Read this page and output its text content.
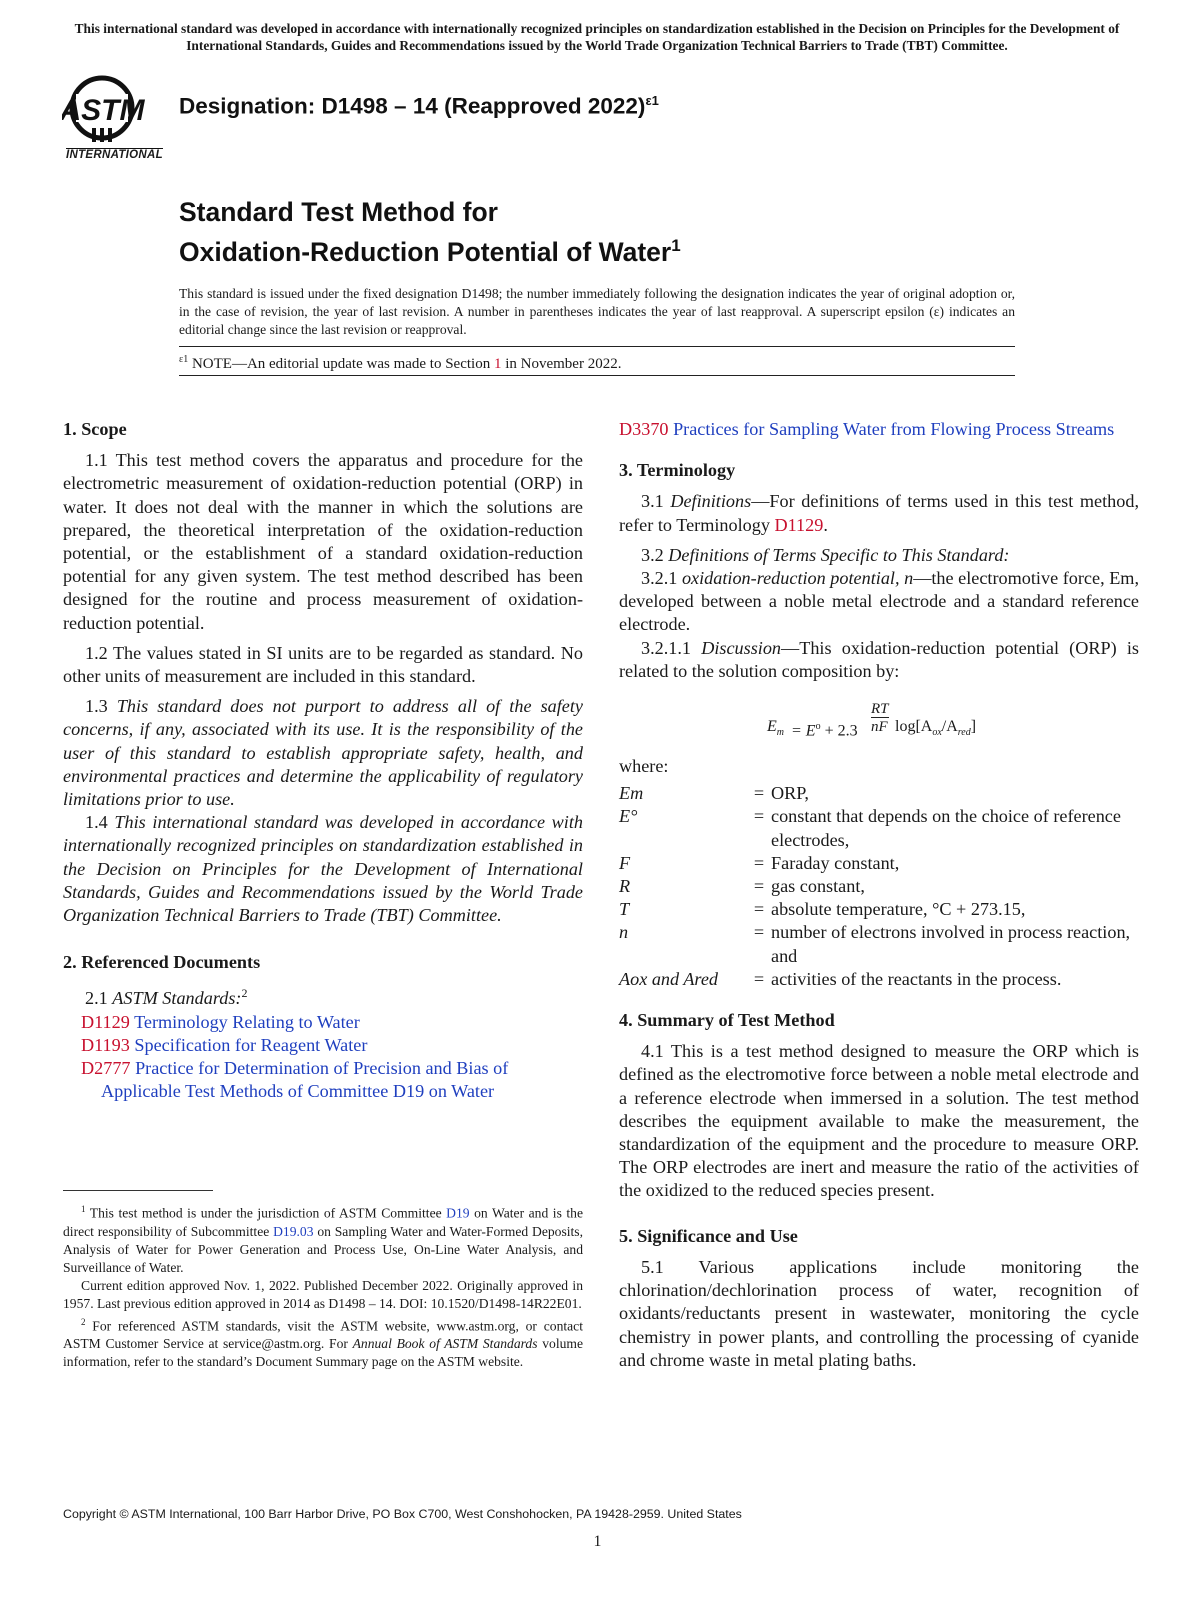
This international standard was developed in accordance with internationally recognized principles on standardization established in the Decision on Principles for the Development of International Standards, Guides and Recommendations issued by the World Trade Organization Technical Barriers to Trade (TBT) Committee.
ASTM
INTERNATIONAL
Designation: D1498 – 14 (Reapproved 2022)$^{\varepsilon 1}$
Standard Test Method for
Oxidation-Reduction Potential of Water$^1$
This standard is issued under the fixed designation D1498; the number immediately following the designation indicates the year of original adoption or, in the case of revision, the year of last revision. A number in parentheses indicates the year of last reapproval. A superscript epsilon (ε) indicates an editorial change since the last revision or reapproval.
$^{\varepsilon 1}$ NOTE—An editorial update was made to Section 1 in November 2022.

1. Scope

1.1 This test method covers the apparatus and procedure for the electrometric measurement of oxidation-reduction potential (ORP) in water. It does not deal with the manner in which the solutions are prepared, the theoretical interpretation of the oxidation-reduction potential, or the establishment of a standard oxidation-reduction potential for any given system. The test method described has been designed for the routine and process measurement of oxidation-reduction potential.

1.2 The values stated in SI units are to be regarded as standard. No other units of measurement are included in this standard.

1.3 This standard does not purport to address all of the safety concerns, if any, associated with its use. It is the responsibility of the user of this standard to establish appropriate safety, health, and environmental practices and determine the applicability of regulatory limitations prior to use.

1.4 This international standard was developed in accordance with internationally recognized principles on standardization established in the Decision on Principles for the Development of International Standards, Guides and Recommendations issued by the World Trade Organization Technical Barriers to Trade (TBT) Committee.

2. Referenced Documents

2.1 ASTM Standards:$^2$

D1129 Terminology Relating to Water

D1193 Specification for Reagent Water

D2777 Practice for Determination of Precision and Bias of Applicable Test Methods of Committee D19 on Water

$^1$ This test method is under the jurisdiction of ASTM Committee D19 on Water and is the direct responsibility of Subcommittee D19.03 on Sampling Water and Water-Formed Deposits, Analysis of Water for Power Generation and Process Use, On-Line Water Analysis, and Surveillance of Water.

Current edition approved Nov. 1, 2022. Published December 2022. Originally approved in 1957. Last previous edition approved in 2014 as D1498 – 14. DOI: 10.1520/D1498-14R22E01.

$^2$ For referenced ASTM standards, visit the ASTM website, www.astm.org, or contact ASTM Customer Service at service@astm.org. For Annual Book of ASTM Standards volume information, refer to the standard’s Document Summary page on the ASTM website.

D3370 Practices for Sampling Water from Flowing Process Streams

3. Terminology

3.1 Definitions—For definitions of terms used in this test method, refer to Terminology D1129.

3.2 Definitions of Terms Specific to This Standard:

3.2.1 oxidation-reduction potential, n—the electromotive force, Em, developed between a noble metal electrode and a standard reference electrode.

3.2.1.1 Discussion—This oxidation-reduction potential (ORP) is related to the solution composition by:

$E_m = E^o + 2.3$
RT
nF $\log[A_{ox}/A_{red}]$

where:

Em	= ORP,
E°	= constant that depends on the choice of reference electrodes,
F	= Faraday constant,
R	= gas constant,
T	= absolute temperature, °C + 273.15,
n	= number of electrons involved in process reaction, and
Aox and Ared	= activities of the reactants in the process.

4. Summary of Test Method

4.1 This is a test method designed to measure the ORP which is defined as the electromotive force between a noble metal electrode and a reference electrode when immersed in a solution. The test method describes the equipment available to make the measurement, the standardization of the equipment and the procedure to measure ORP. The ORP electrodes are inert and measure the ratio of the activities of the oxidized to the reduced species present.

5. Significance and Use

5.1 Various applications include monitoring the chlorination/dechlorination process of water, recognition of oxidants/reductants present in wastewater, monitoring the cycle chemistry in power plants, and controlling the processing of cyanide and chrome waste in metal plating baths.

Copyright © ASTM International, 100 Barr Harbor Drive, PO Box C700, West Conshohocken, PA 19428-2959. United States
1
